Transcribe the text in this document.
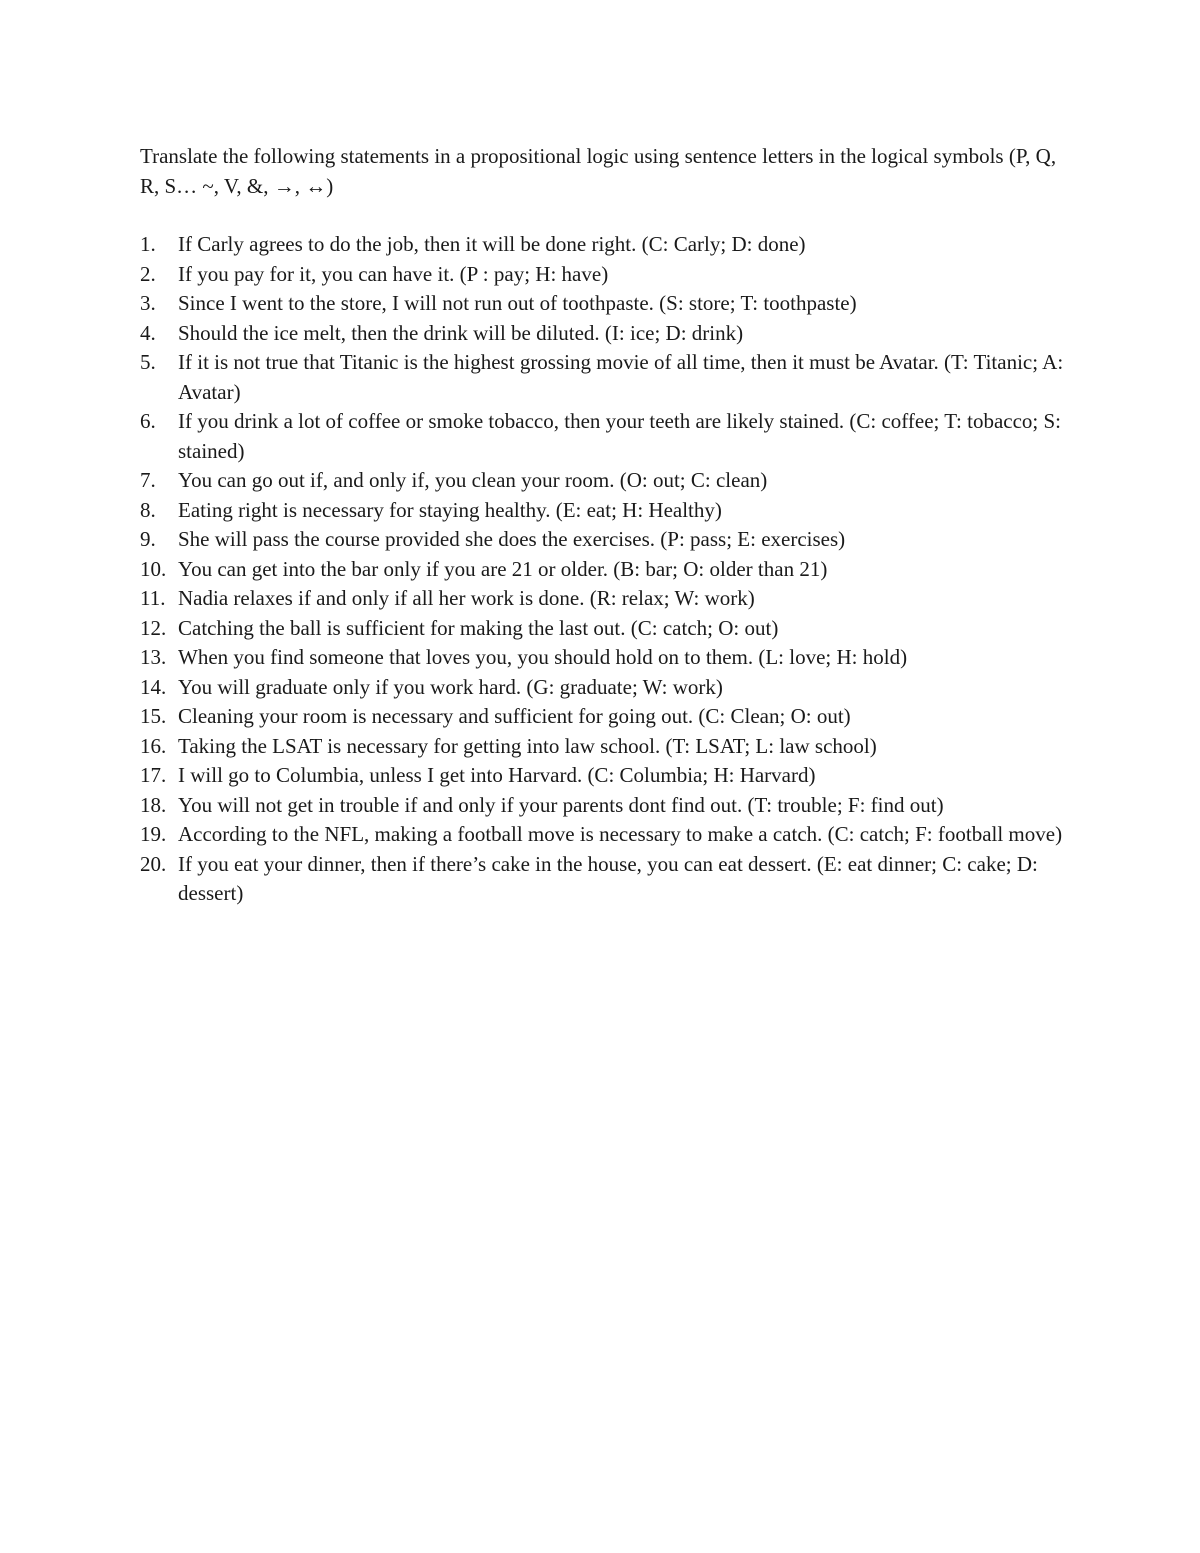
Translate the following statements in a propositional logic using sentence letters in the logical symbols (P, Q, R, S… ~, V, &, →, ↔)

1.	If Carly agrees to do the job, then it will be done right. (C: Carly; D: done)
2.	If you pay for it, you can have it. (P : pay; H: have)
3.	Since I went to the store, I will not run out of toothpaste. (S: store; T: toothpaste)
4.	Should the ice melt, then the drink will be diluted. (I: ice; D: drink)
5.	If it is not true that Titanic is the highest grossing movie of all time, then it must be Avatar. (T: Titanic; A: Avatar)
6.	If you drink a lot of coffee or smoke tobacco, then your teeth are likely stained. (C: coffee; T: tobacco; S: stained)
7.	You can go out if, and only if, you clean your room. (O: out; C: clean)
8.	Eating right is necessary for staying healthy. (E: eat; H: Healthy)
9.	She will pass the course provided she does the exercises. (P: pass; E: exercises)
10. You can get into the bar only if you are 21 or older. (B: bar; O: older than 21)
11. Nadia relaxes if and only if all her work is done. (R: relax; W: work)
12. Catching the ball is sufficient for making the last out. (C: catch; O: out)
13. When you find someone that loves you, you should hold on to them. (L: love; H: hold)
14. You will graduate only if you work hard. (G: graduate; W: work)
15. Cleaning your room is necessary and sufficient for going out. (C: Clean; O: out)
16. Taking the LSAT is necessary for getting into law school. (T: LSAT; L: law school)
17. I will go to Columbia, unless I get into Harvard. (C: Columbia; H: Harvard)
18. You will not get in trouble if and only if your parents dont find out. (T: trouble; F: find out)
19. According to the NFL, making a football move is necessary to make a catch. (C: catch; F: football move)
20. If you eat your dinner, then if there’s cake in the house, you can eat dessert. (E: eat dinner; C: cake; D: dessert)
